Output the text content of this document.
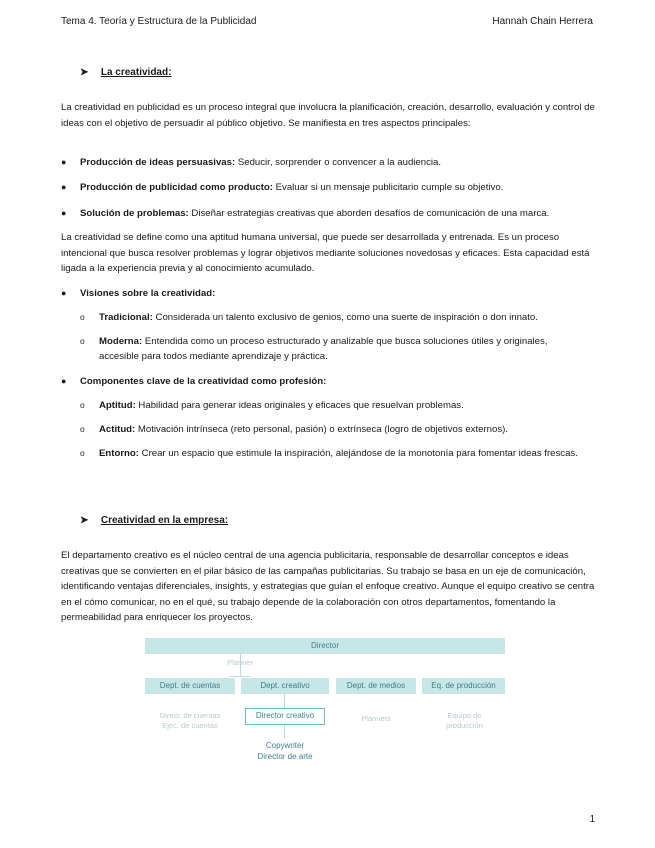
Tema 4. Teoría y Estructura de la Publicidad	Hannah Chain Herrera
➤ La creatividad:
La creatividad en publicidad es un proceso integral que involucra la planificación, creación, desarrollo, evaluación y control de ideas con el objetivo de persuadir al público objetivo. Se manifiesta en tres aspectos principales:
● Producción de ideas persuasivas: Seducir, sorprender o convencer a la audiencia.
● Producción de publicidad como producto: Evaluar si un mensaje publicitario cumple su objetivo.
● Solución de problemas: Diseñar estrategias creativas que aborden desafíos de comunicación de una marca.
La creatividad se define como una aptitud humana universal, que puede ser desarrollada y entrenada. Es un proceso intencional que busca resolver problemas y lograr objetivos mediante soluciones novedosas y eficaces. Esta capacidad está ligada a la experiencia previa y al conocimiento acumulado.
● Visiones sobre la creatividad:
o Tradicional: Considerada un talento exclusivo de genios, como una suerte de inspiración o don innato.
o Moderna: Entendida como un proceso estructurado y analizable que busca soluciones útiles y originales, accesible para todos mediante aprendizaje y práctica.
● Componentes clave de la creatividad como profesión:
o Aptitud: Habilidad para generar ideas originales y eficaces que resuelvan problemas.
o Actitud: Motivación intrínseca (reto personal, pasión) o extrínseca (logro de objetivos externos).
o Entorno: Crear un espacio que estimule la inspiración, alejándose de la monotonía para fomentar ideas frescas.
➤ Creatividad en la empresa:
El departamento creativo es el núcleo central de una agencia publicitaria, responsable de desarrollar conceptos e ideas creativas que se convierten en el pilar básico de las campañas publicitarias. Su trabajo se basa en un eje de comunicación, identificando ventajas diferenciales, insights, y estrategias que guían el enfoque creativo. Aunque el equipo creativo se centra en el cómo comunicar, no en el qué, su trabajo depende de la colaboración con otros departamentos, fomentando la permeabilidad para enriquecer los proyectos.
Director
Planner
Dept. de cuentas	Dept. creativo	Dept. de medios	Eq. de producción
Direct. de cuentas
Ejec. de cuentas
Director creativo	Planners	Equipo de
producción
Copywriter
Director de arte
1
